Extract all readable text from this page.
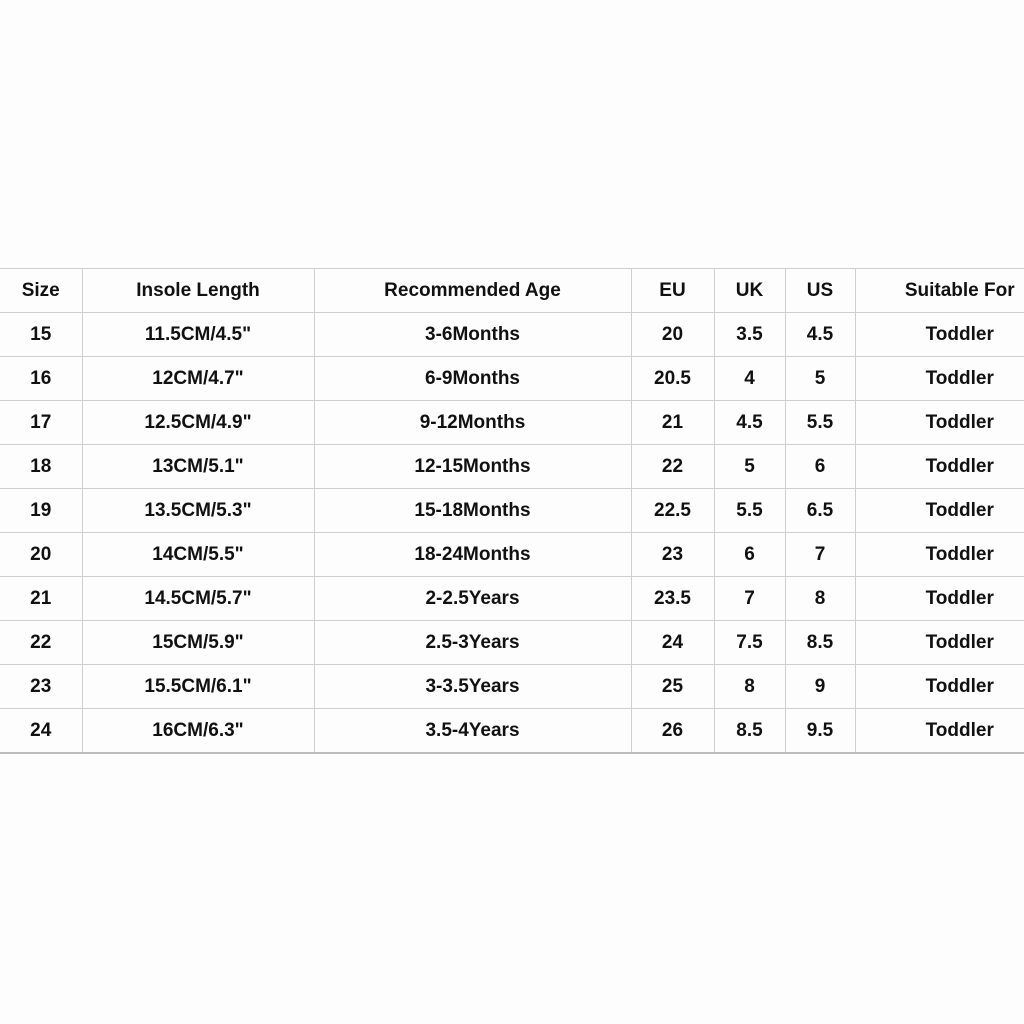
Size	Insole Length	Recommended Age	EU	UK	US	Suitable For
15	11.5CM/4.5"	3-6Months	20	3.5	4.5	Toddler
16	12CM/4.7"	6-9Months	20.5	4	5	Toddler
17	12.5CM/4.9"	9-12Months	21	4.5	5.5	Toddler
18	13CM/5.1"	12-15Months	22	5	6	Toddler
19	13.5CM/5.3"	15-18Months	22.5	5.5	6.5	Toddler
20	14CM/5.5"	18-24Months	23	6	7	Toddler
21	14.5CM/5.7"	2-2.5Years	23.5	7	8	Toddler
22	15CM/5.9"	2.5-3Years	24	7.5	8.5	Toddler
23	15.5CM/6.1"	3-3.5Years	25	8	9	Toddler
24	16CM/6.3"	3.5-4Years	26	8.5	9.5	Toddler
